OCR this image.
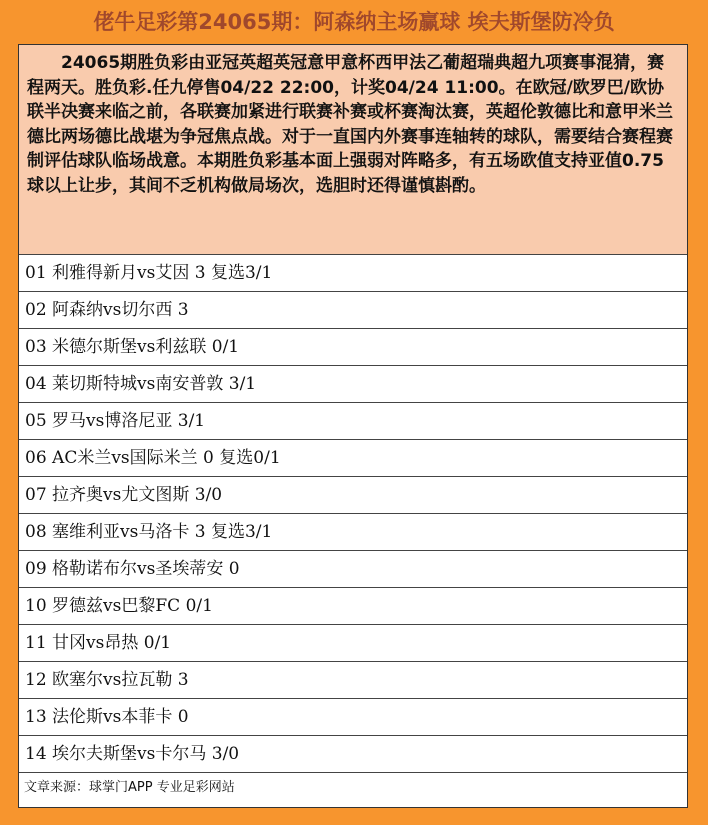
佬牛足彩第24065期：阿森纳主场赢球 埃夫斯堡防冷负
24065期胜负彩由亚冠英超英冠意甲意杯西甲法乙葡超瑞典超九项赛事混猜，赛程两天。胜负彩.任九停售04/22 22:00，计奖04/24 11:00。在欧冠/欧罗巴/欧协联半决赛来临之前，各联赛加紧进行联赛补赛或杯赛淘汰赛，英超伦敦德比和意甲米兰德比两场德比战堪为争冠焦点战。对于一直国内外赛事连轴转的球队，需要结合赛程赛制评估球队临场战意。本期胜负彩基本面上强弱对阵略多，有五场欧值支持亚值0.75球以上让步，其间不乏机构做局场次，选胆时还得谨慎斟酌。
01 利雅得新月vs艾因 3 复选3/1
02 阿森纳vs切尔西 3
03 米德尔斯堡vs利兹联 0/1
04 莱切斯特城vs南安普敦 3/1
05 罗马vs博洛尼亚 3/1
06 AC米兰vs国际米兰 0 复选0/1
07 拉齐奥vs尤文图斯 3/0
08 塞维利亚vs马洛卡 3 复选3/1
09 格勒诺布尔vs圣埃蒂安 0
10 罗德兹vs巴黎FC 0/1
11 甘冈vs昂热 0/1
12 欧塞尔vs拉瓦勒 3
13 法伦斯vs本菲卡 0
14 埃尔夫斯堡vs卡尔马 3/0
文章来源：球掌门APP 专业足彩网站
